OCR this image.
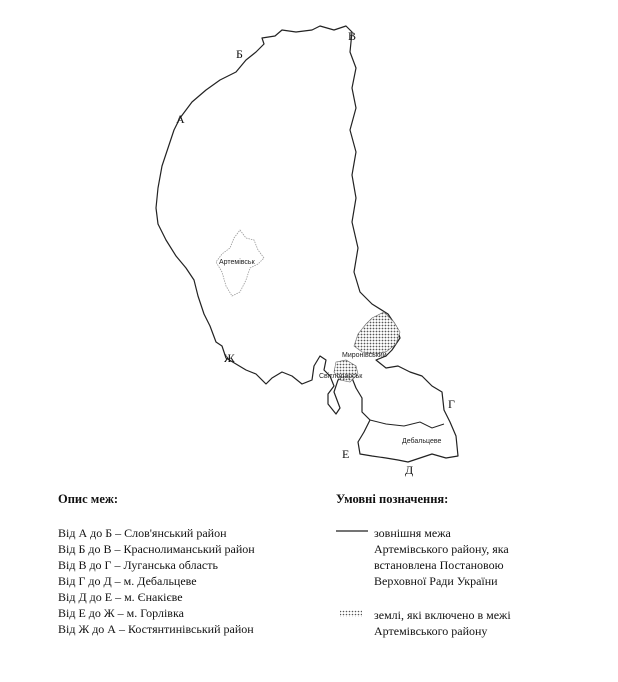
Б
В
А
Ж
Г
Е
Д
Артемівськ
Миронівський
Світлодарськ
Дебальцеве
Опис меж:
Від А до Б – Слов'янський район
Від Б до В – Краснолиманський район
Від В до Г – Луганська область
Від Г до Д – м. Дебальцеве
Від Д до Е – м. Єнакієве
Від Е до Ж – м. Горлівка
Від Ж до А – Костянтинівський район
Умовні позначення:
зовнішня межа
Артемівського району, яка
встановлена Постановою
Верховної Ради України
землі, які включено в межі
Артемівського району
